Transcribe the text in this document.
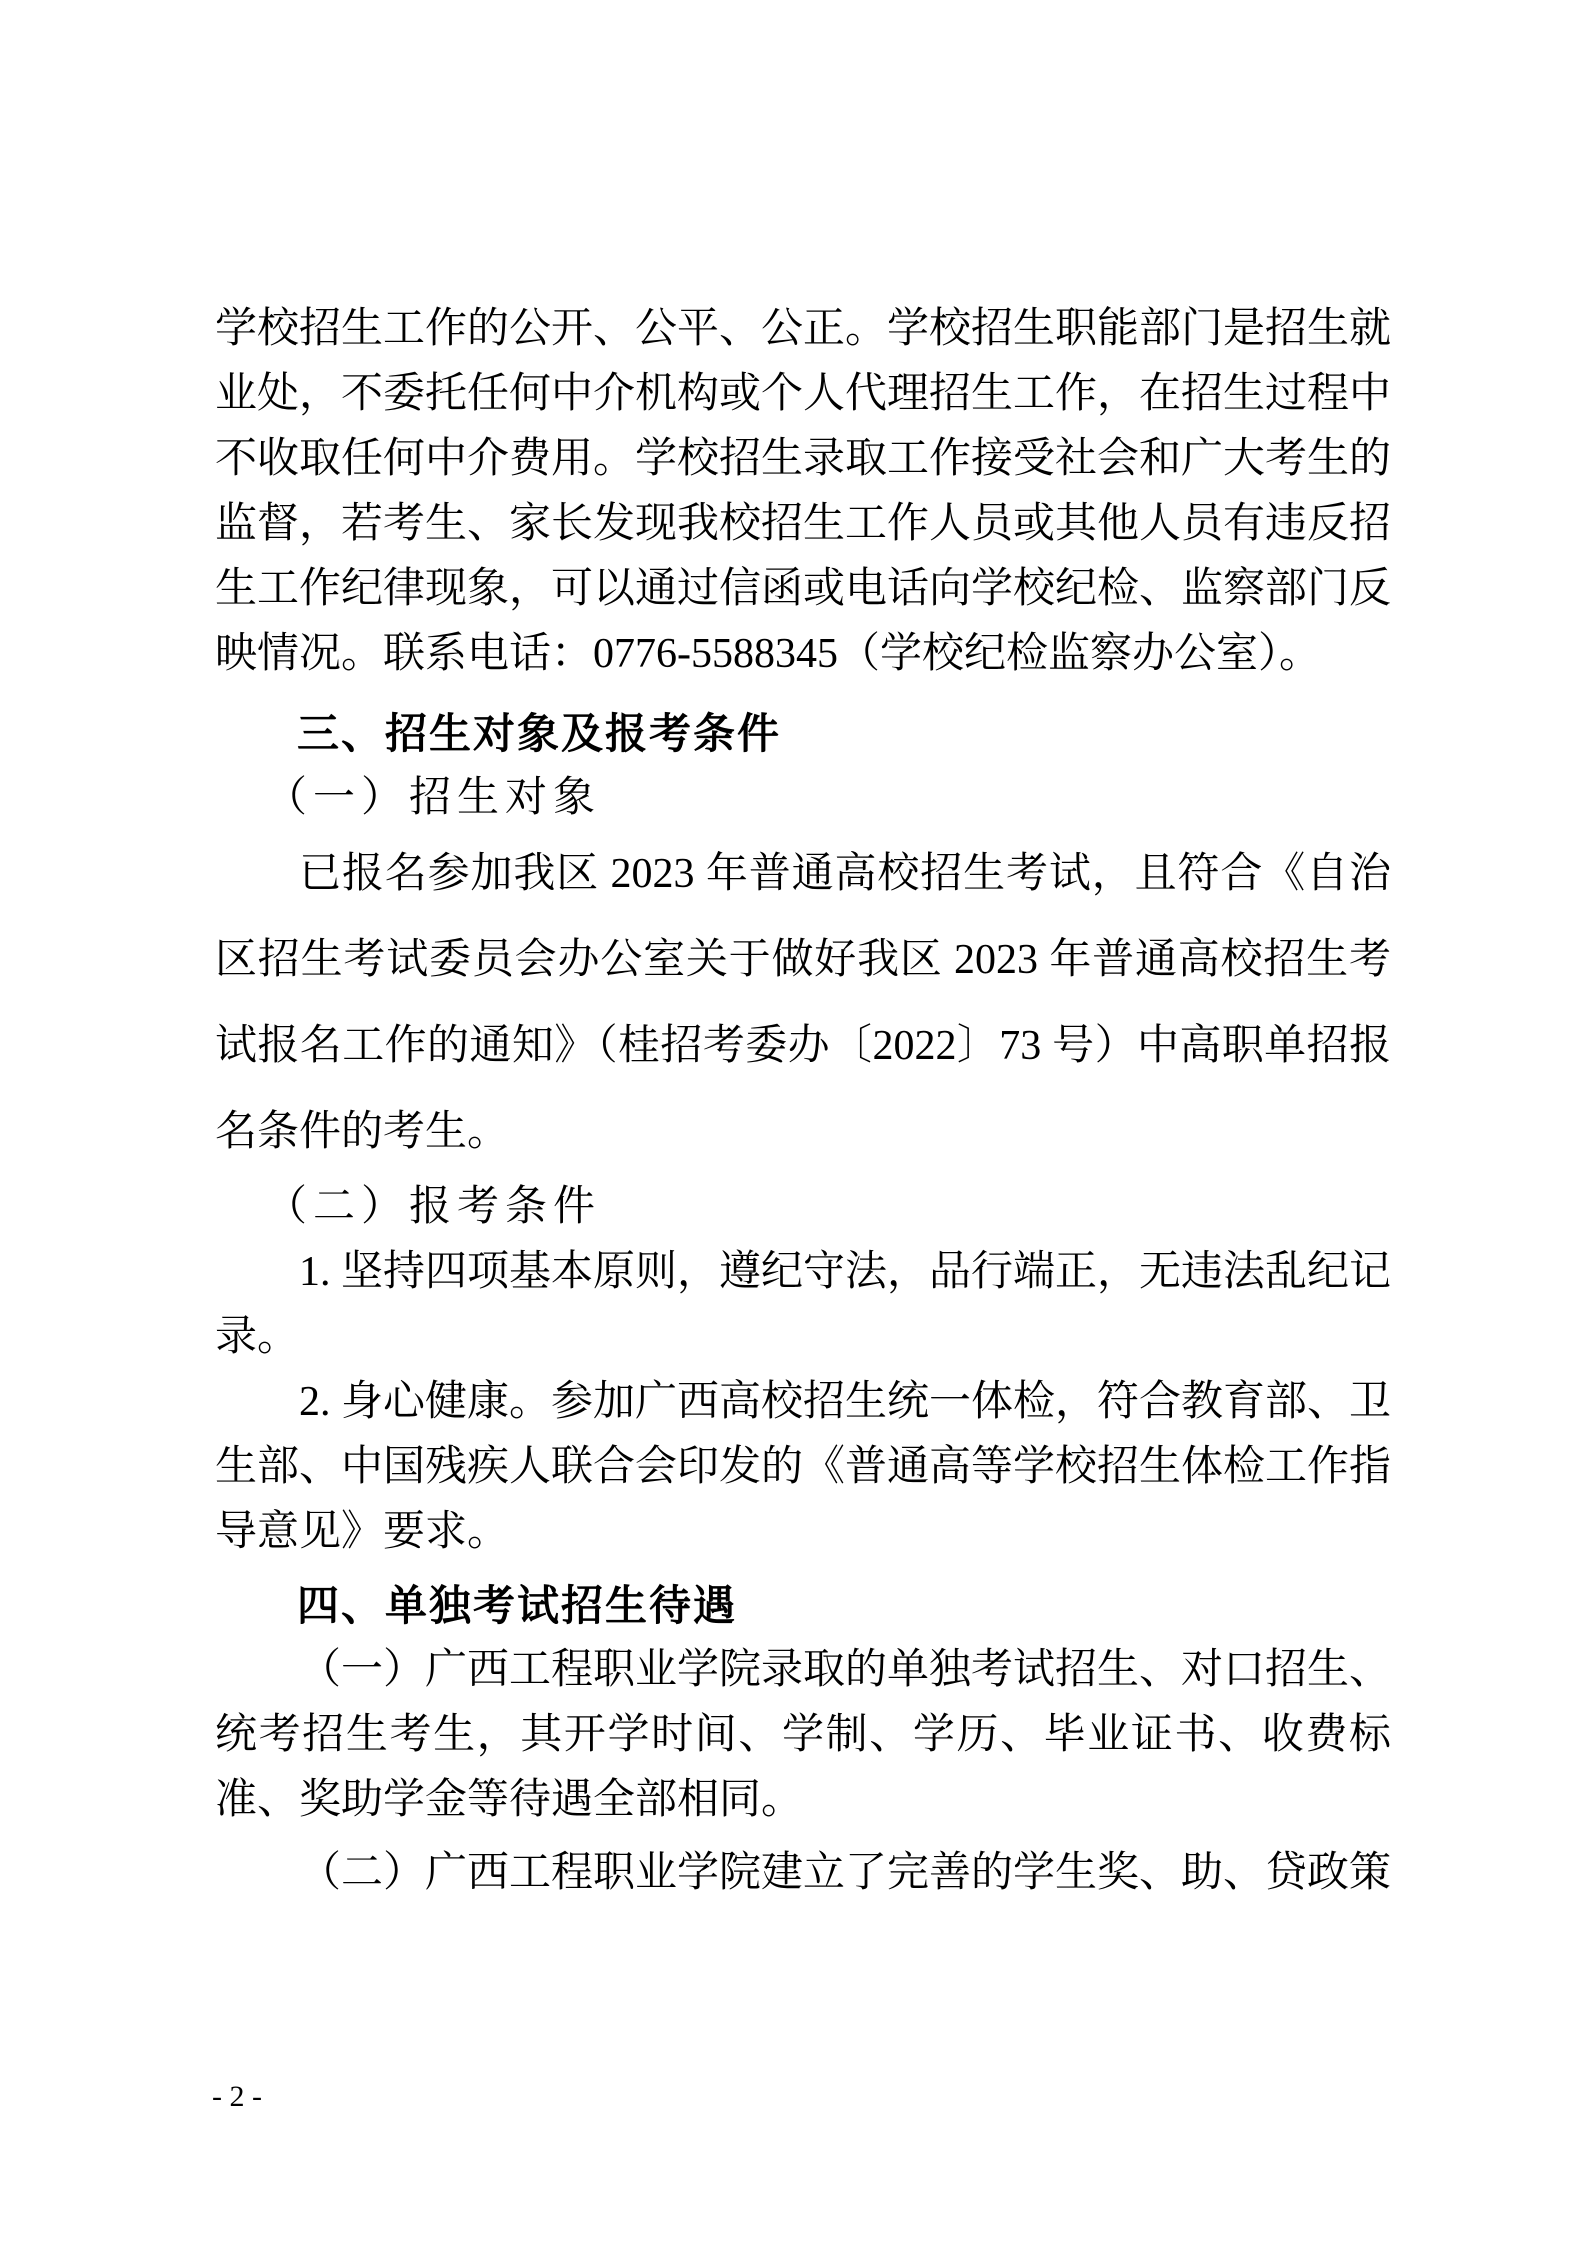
学校招生工作的公开、公平、公正。学校招生职能部门是招生就业处，不委托任何中介机构或个人代理招生工作，在招生过程中不收取任何中介费用。学校招生录取工作接受社会和广大考生的监督，若考生、家长发现我校招生工作人员或其他人员有违反招生工作纪律现象，可以通过信函或电话向学校纪检、监察部门反映情况。联系电话：0776-5588345（学校纪检监察办公室）。

三、招生对象及报考条件

（一）招生对象

已报名参加我区 2023 年普通高校招生考试，且符合《自治区招生考试委员会办公室关于做好我区 2023 年普通高校招生考试报名工作的通知》（桂招考委办〔2022〕73 号）中高职单招报名条件的考生。

（二）报考条件

1. 坚持四项基本原则，遵纪守法，品行端正，无违法乱纪记录。

2. 身心健康。参加广西高校招生统一体检，符合教育部、卫生部、中国残疾人联合会印发的《普通高等学校招生体检工作指导意见》要求。

四、单独考试招生待遇

（一）广西工程职业学院录取的单独考试招生、对口招生、统考招生考生，其开学时间、学制、学历、毕业证书、收费标准、奖助学金等待遇全部相同。

（二）广西工程职业学院建立了完善的学生奖、助、贷政策

- 2 -
